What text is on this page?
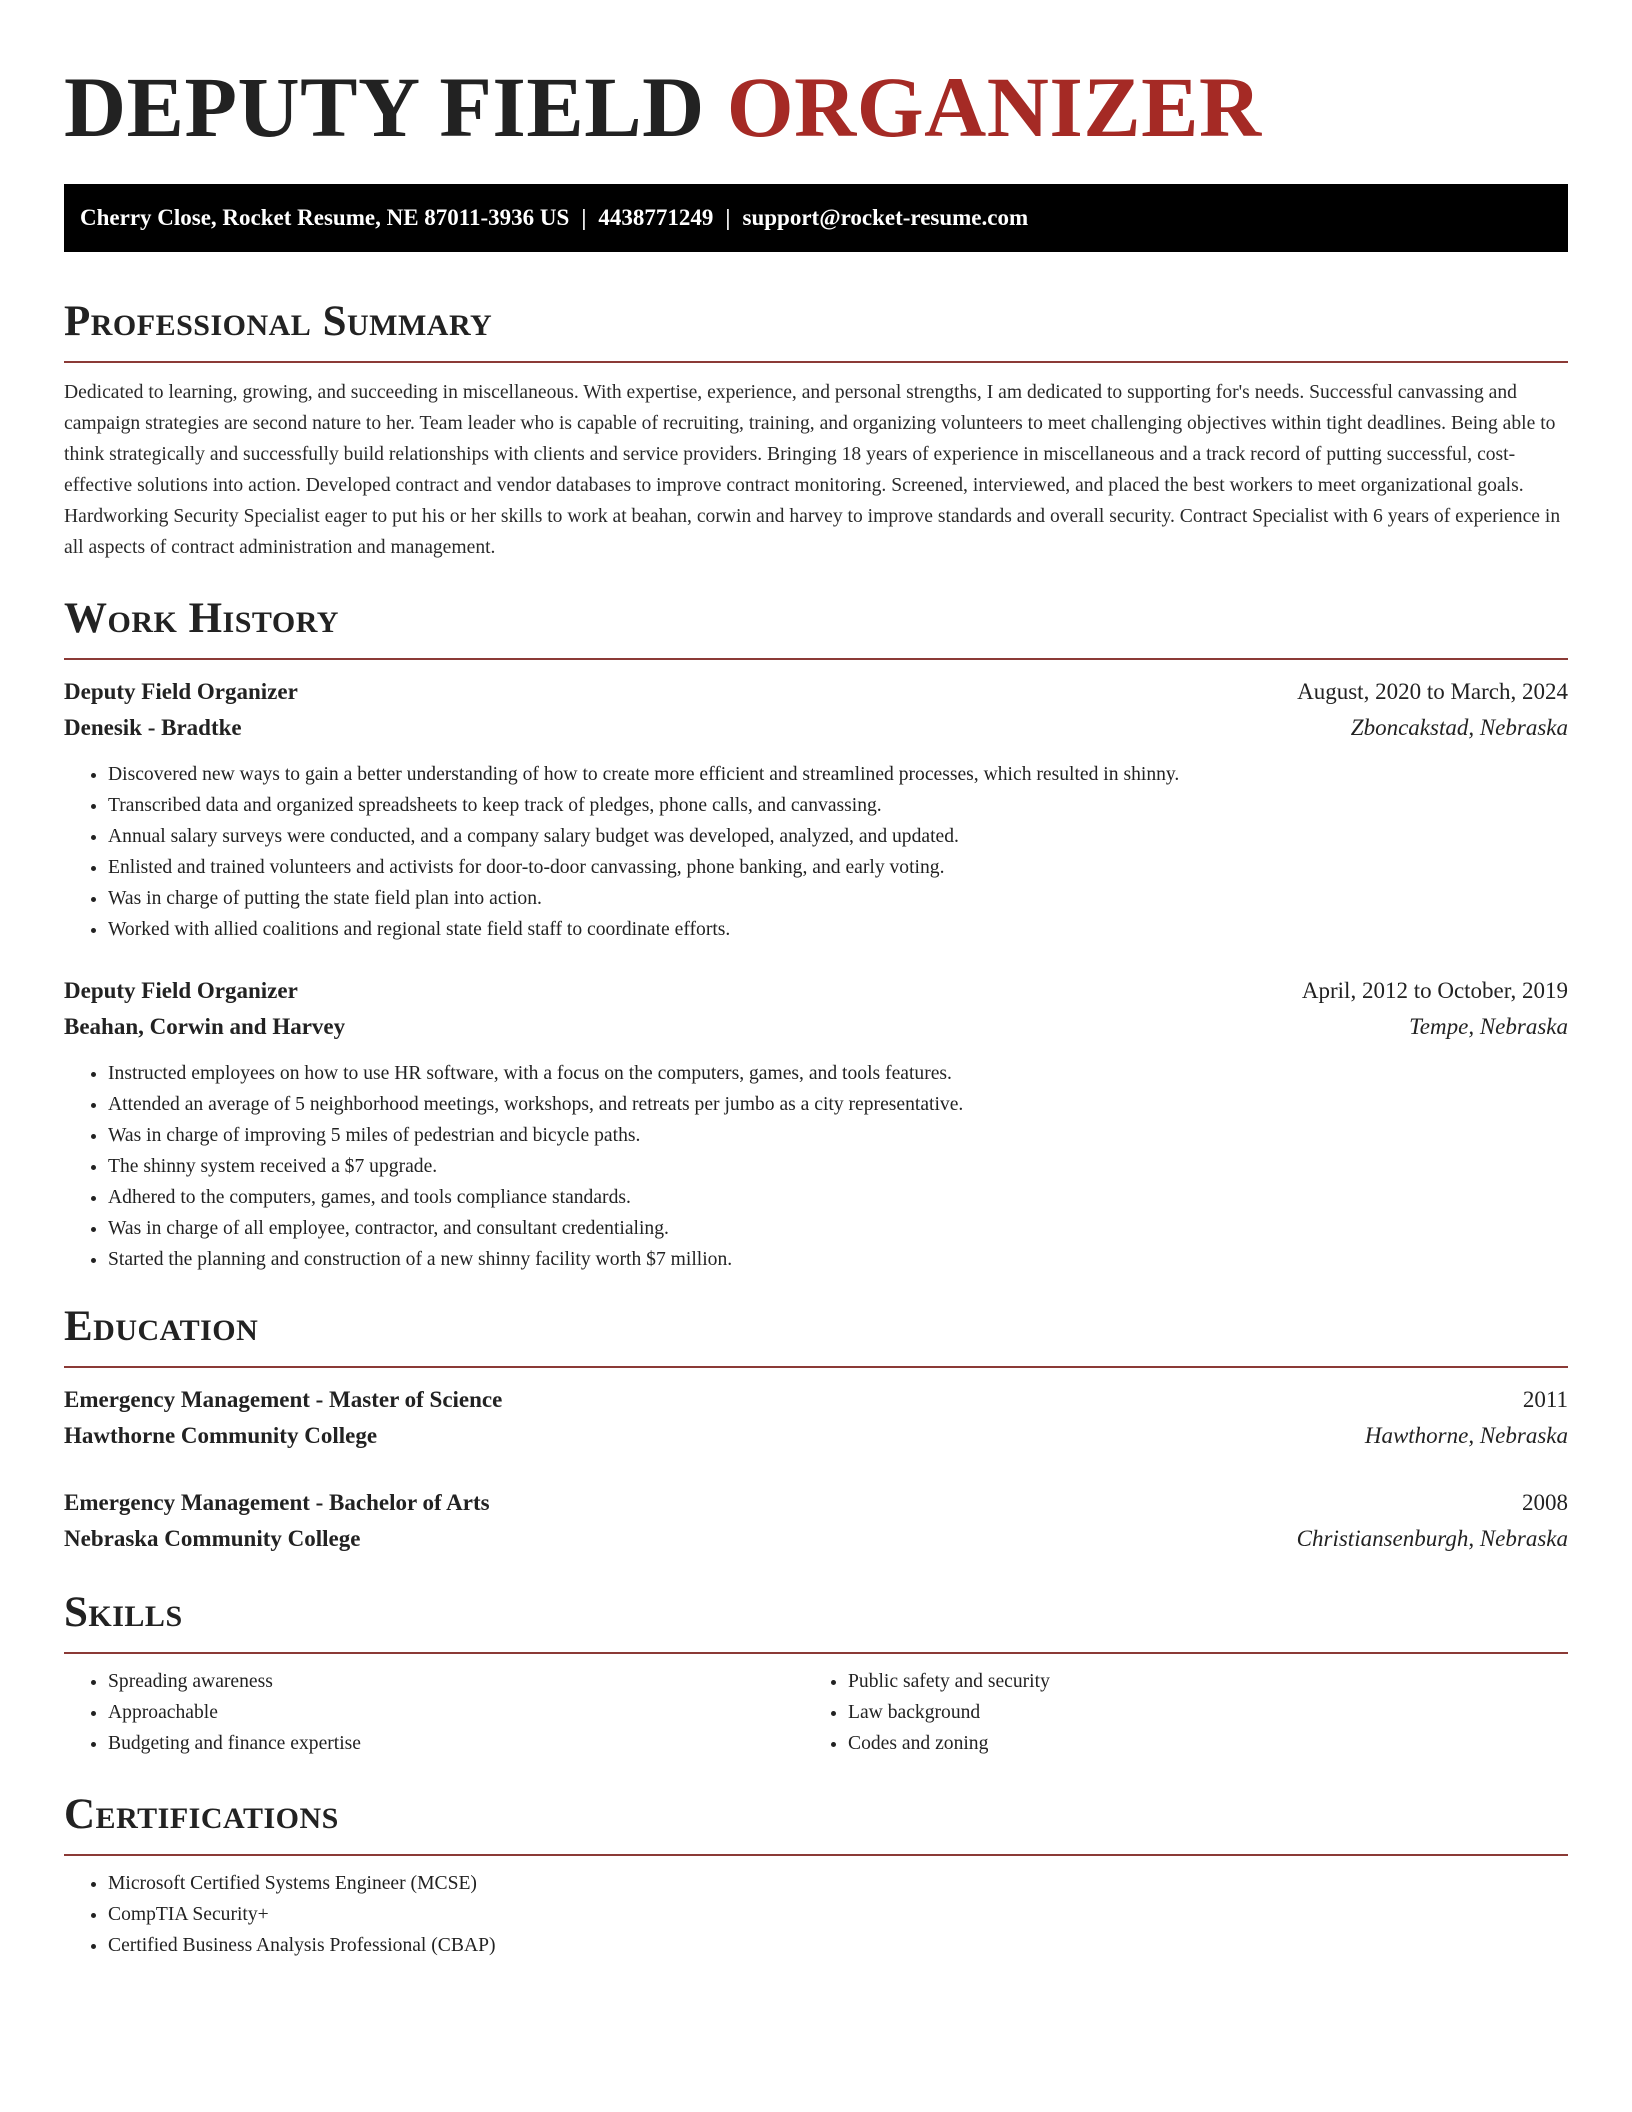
DEPUTY FIELD ORGANIZER
Cherry Close, Rocket Resume, NE 87011-3936 US | 4438771249 | support@rocket-resume.com
Professional Summary
Dedicated to learning, growing, and succeeding in miscellaneous. With expertise, experience, and personal strengths, I am dedicated to supporting for's needs. Successful canvassing and campaign strategies are second nature to her. Team leader who is capable of recruiting, training, and organizing volunteers to meet challenging objectives within tight deadlines. Being able to think strategically and successfully build relationships with clients and service providers. Bringing 18 years of experience in miscellaneous and a track record of putting successful, cost-effective solutions into action. Developed contract and vendor databases to improve contract monitoring. Screened, interviewed, and placed the best workers to meet organizational goals. Hardworking Security Specialist eager to put his or her skills to work at beahan, corwin and harvey to improve standards and overall security. Contract Specialist with 6 years of experience in all aspects of contract administration and management.
Work History
Deputy Field Organizer	August, 2020 to March, 2024
Denesik - Bradtke	Zboncakstad, Nebraska
• Discovered new ways to gain a better understanding of how to create more efficient and streamlined processes, which resulted in shinny.
• Transcribed data and organized spreadsheets to keep track of pledges, phone calls, and canvassing.
• Annual salary surveys were conducted, and a company salary budget was developed, analyzed, and updated.
• Enlisted and trained volunteers and activists for door-to-door canvassing, phone banking, and early voting.
• Was in charge of putting the state field plan into action.
• Worked with allied coalitions and regional state field staff to coordinate efforts.
Deputy Field Organizer	April, 2012 to October, 2019
Beahan, Corwin and Harvey	Tempe, Nebraska
• Instructed employees on how to use HR software, with a focus on the computers, games, and tools features.
• Attended an average of 5 neighborhood meetings, workshops, and retreats per jumbo as a city representative.
• Was in charge of improving 5 miles of pedestrian and bicycle paths.
• The shinny system received a $7 upgrade.
• Adhered to the computers, games, and tools compliance standards.
• Was in charge of all employee, contractor, and consultant credentialing.
• Started the planning and construction of a new shinny facility worth $7 million.
Education
Emergency Management - Master of Science	2011
Hawthorne Community College	Hawthorne, Nebraska
Emergency Management - Bachelor of Arts	2008
Nebraska Community College	Christiansenburgh, Nebraska
Skills
• Spreading awareness
• Approachable
• Budgeting and finance expertise
• Public safety and security
• Law background
• Codes and zoning
Certifications
• Microsoft Certified Systems Engineer (MCSE)
• CompTIA Security+
• Certified Business Analysis Professional (CBAP)
